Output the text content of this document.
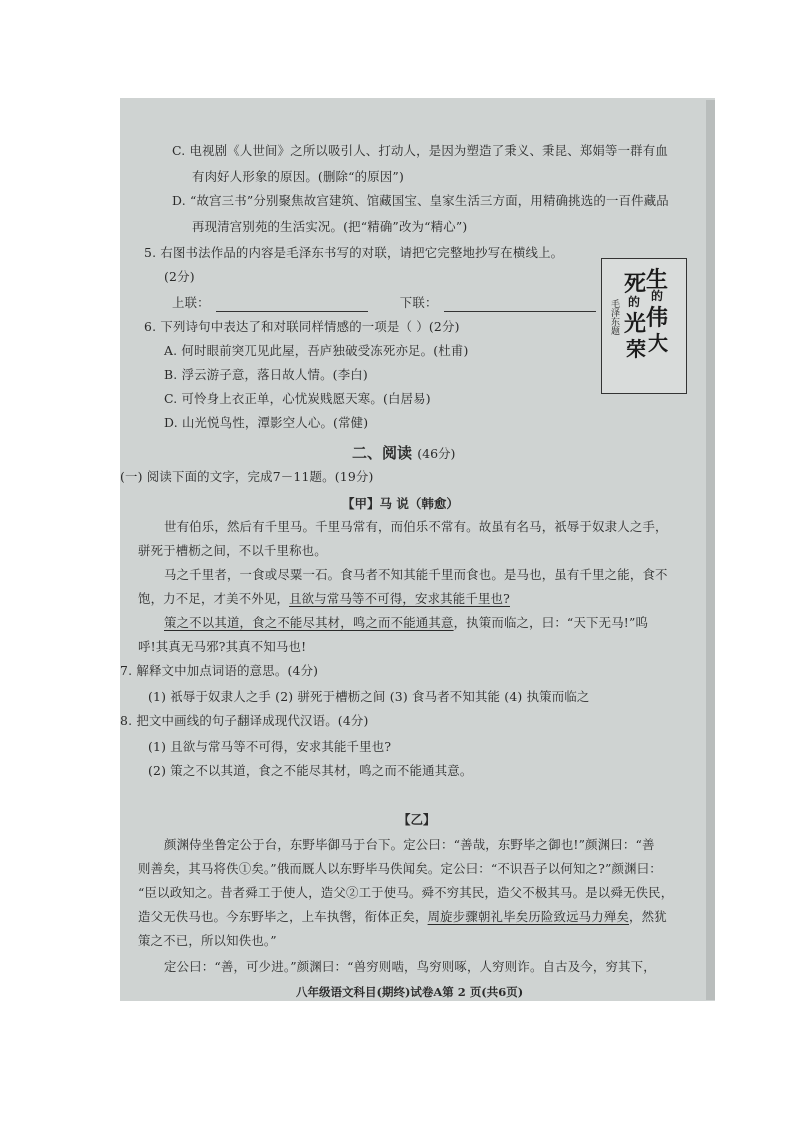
C. 电视剧《人世间》之所以吸引人、打动人，是因为塑造了秉义、秉昆、郑娟等一群有血
有肉好人形象的原因。(删除“的原因”)
D. “故宫三书”分别聚焦故宫建筑、馆藏国宝、皇家生活三方面，用精确挑选的一百件藏品
再现清宫别苑的生活实况。(把“精确”改为“精心”)
5. 右图书法作品的内容是毛泽东书写的对联，请把它完整地抄写在横线上。
(2分)
上联：	下联：
生
的
伟
大
死
的
光
荣
毛泽东题
6. 下列诗句中表达了和对联同样情感的一项是（ ）(2分)
A. 何时眼前突兀见此屋，吾庐独破受冻死亦足。(杜甫)
B. 浮云游子意，落日故人情。(李白)
C. 可怜身上衣正单，心忧炭贱愿天寒。(白居易)
D. 山光悦鸟性，潭影空人心。(常健)
二、阅读 (46分)
(一) 阅读下面的文字，完成7－11题。(19分)
【甲】马 说（韩愈）
世有伯乐，然后有千里马。千里马常有，而伯乐不常有。故虽有名马，祇辱于奴隶人之手，
骈死于槽枥之间，不以千里称也。
马之千里者，一食或尽粟一石。食马者不知其能千里而食也。是马也，虽有千里之能，食不
饱，力不足，才美不外见，且欲与常马等不可得，安求其能千里也?
策之不以其道，食之不能尽其材，鸣之而不能通其意，执策而临之，曰：“天下无马!”呜
呼!其真无马邪?其真不知马也!
7. 解释文中加点词语的意思。(4分)
(1) 祇辱于奴隶人之手 (2) 骈死于槽枥之间 (3) 食马者不知其能 (4) 执策而临之
8. 把文中画线的句子翻译成现代汉语。(4分)
(1) 且欲与常马等不可得，安求其能千里也?
(2) 策之不以其道，食之不能尽其材，鸣之而不能通其意。
【乙】
颜渊侍坐鲁定公于台，东野毕御马于台下。定公曰：“善哉，东野毕之御也!”颜渊曰：“善
则善矣，其马将佚①矣。”俄而厩人以东野毕马佚闻矣。定公曰：“不识吾子以何知之?”颜渊曰：
“臣以政知之。昔者舜工于使人，造父②工于使马。舜不穷其民，造父不极其马。是以舜无佚民，
造父无佚马也。今东野毕之，上车执辔，衔体正矣，周旋步骤朝礼毕矣历险致远马力殚矣，然犹
策之不已，所以知佚也。”
定公曰：“善，可少进。”颜渊曰：“兽穷则啮，鸟穷则啄，人穷则诈。自古及今，穷其下，
八年级语文科目(期终)试卷A第 2 页(共6页)
